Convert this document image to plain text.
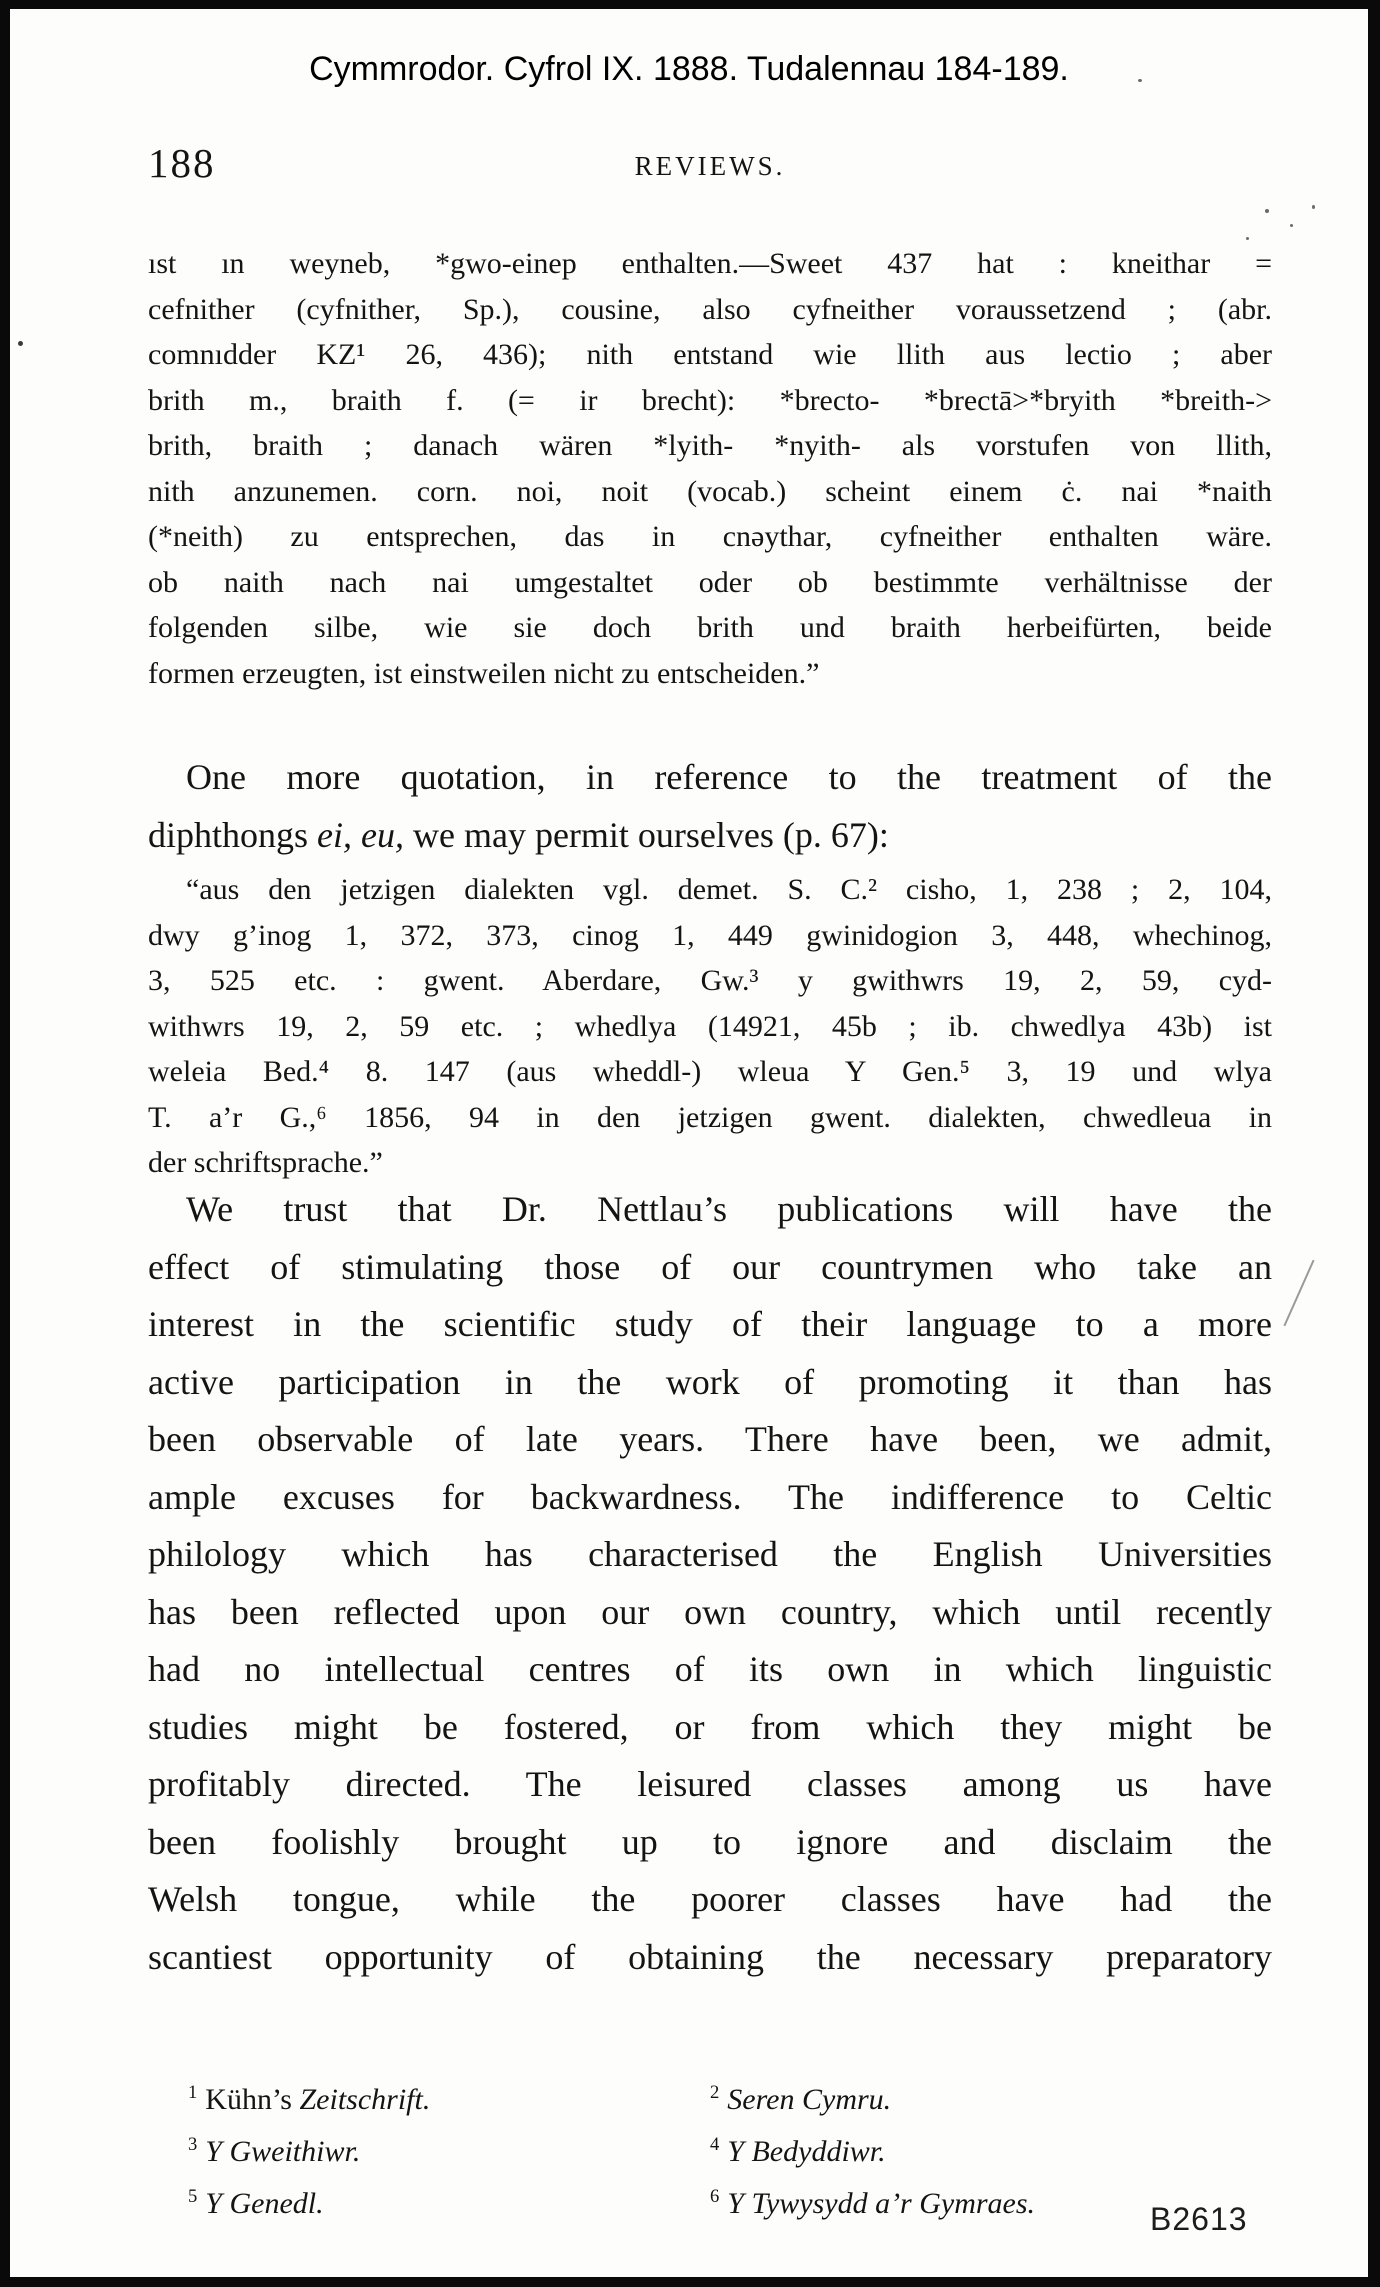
Cymmrodor. Cyfrol IX. 1888. Tudalennau 184-189.
188	REVIEWS.
ıst ın weyneb, *gwo-einep enthalten.—Sweet 437 hat : kneithar =
cefnither (cyfnither, Sp.), cousine, also cyfneither voraussetzend ; (abr.
comnıdder KZ¹ 26, 436); nith entstand wie llith aus lectio ; aber
brith m., braith f. (= ir brecht): *brecto- *brectā>*bryith *breith->
brith, braith ; danach wären *lyith- *nyith- als vorstufen von llith,
nith anzunemen. corn. noi, noit (vocab.) scheint einem ċ. nai *naith
(*neith) zu entsprechen, das in cnəythar, cyfneither enthalten wäre.
ob naith nach nai umgestaltet oder ob bestimmte verhältnisse der
folgenden silbe, wie sie doch brith und braith herbeifürten, beide
formen erzeugten, ist einstweilen nicht zu entscheiden.”
One more quotation, in reference to the treatment of the
diphthongs ei, eu, we may permit ourselves (p. 67):
“aus den jetzigen dialekten vgl. demet. S. C.² cisho, 1, 238 ; 2, 104,
dwy g’inog 1, 372, 373, cinog 1, 449 gwinidogion 3, 448, whechinog,
3, 525 etc. : gwent. Aberdare, Gw.³ y gwithwrs 19, 2, 59, cyd-
withwrs 19, 2, 59 etc. ; whedlya (14921, 45b ; ib. chwedlya 43b) ist
weleia Bed.⁴ 8. 147 (aus wheddl-) wleua Y Gen.⁵ 3, 19 und wlya
T. a’r G.,⁶ 1856, 94 in den jetzigen gwent. dialekten, chwedleua in
der schriftsprache.”
We trust that Dr. Nettlau’s publications will have the
effect of stimulating those of our countrymen who take an
interest in the scientific study of their language to a more
active participation in the work of promoting it than has
been observable of late years. There have been, we admit,
ample excuses for backwardness. The indifference to Celtic
philology which has characterised the English Universities
has been reflected upon our own country, which until recently
had no intellectual centres of its own in which linguistic
studies might be fostered, or from which they might be
profitably directed. The leisured classes among us have
been foolishly brought up to ignore and disclaim the
Welsh tongue, while the poorer classes have had the
scantiest opportunity of obtaining the necessary preparatory
$^1$ Kühn’s Zeitschrift.	$^2$ Seren Cymru.
$^3$ Y Gweithiwr.	$^4$ Y Bedyddiwr.
$^5$ Y Genedl.	$^6$ Y Tywysydd a’r Gymraes.	B2613
